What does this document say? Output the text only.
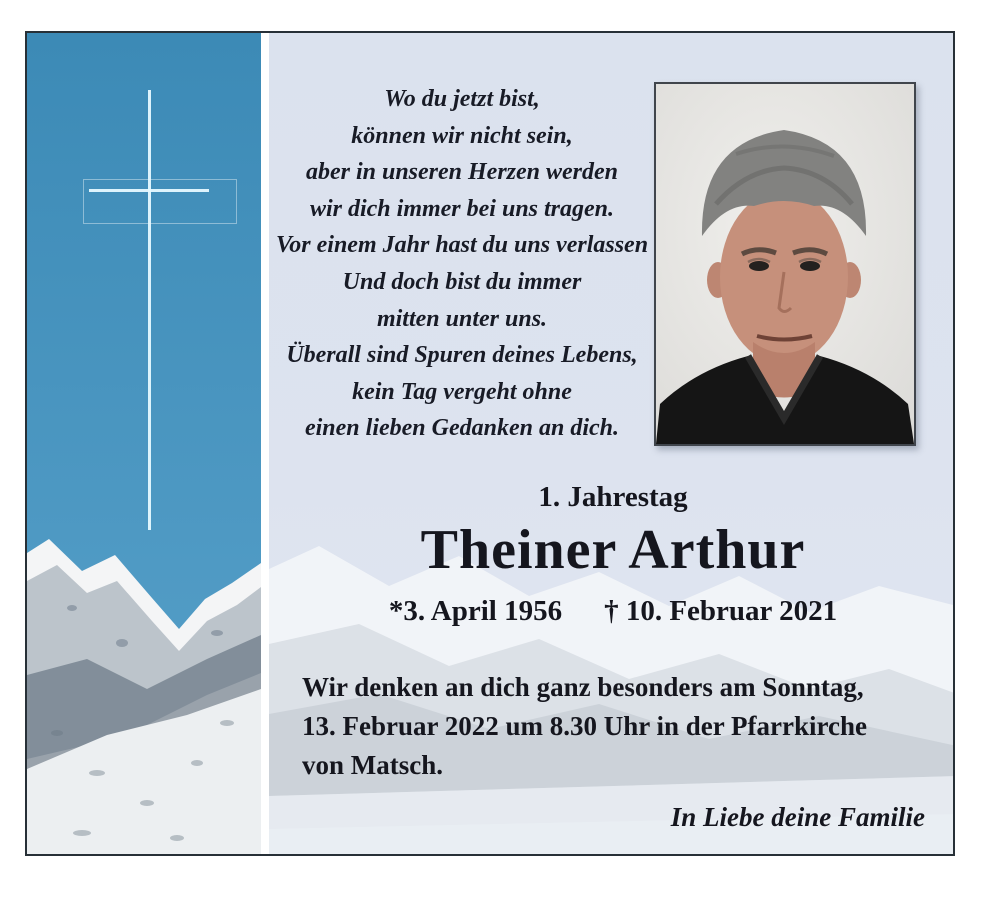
Wo du jetzt bist,
können wir nicht sein,
aber in unseren Herzen werden
wir dich immer bei uns tragen.
Vor einem Jahr hast du uns verlassen
Und doch bist du immer
mitten unter uns.
Überall sind Spuren deines Lebens,
kein Tag vergeht ohne
einen lieben Gedanken an dich.
1. Jahrestag
Theiner Arthur
*3. April 1956 † 10. Februar 2021
Wir denken an dich ganz besonders am Sonntag,
13. Februar 2022 um 8.30 Uhr in der Pfarrkirche
von Matsch.
In Liebe deine Familie
